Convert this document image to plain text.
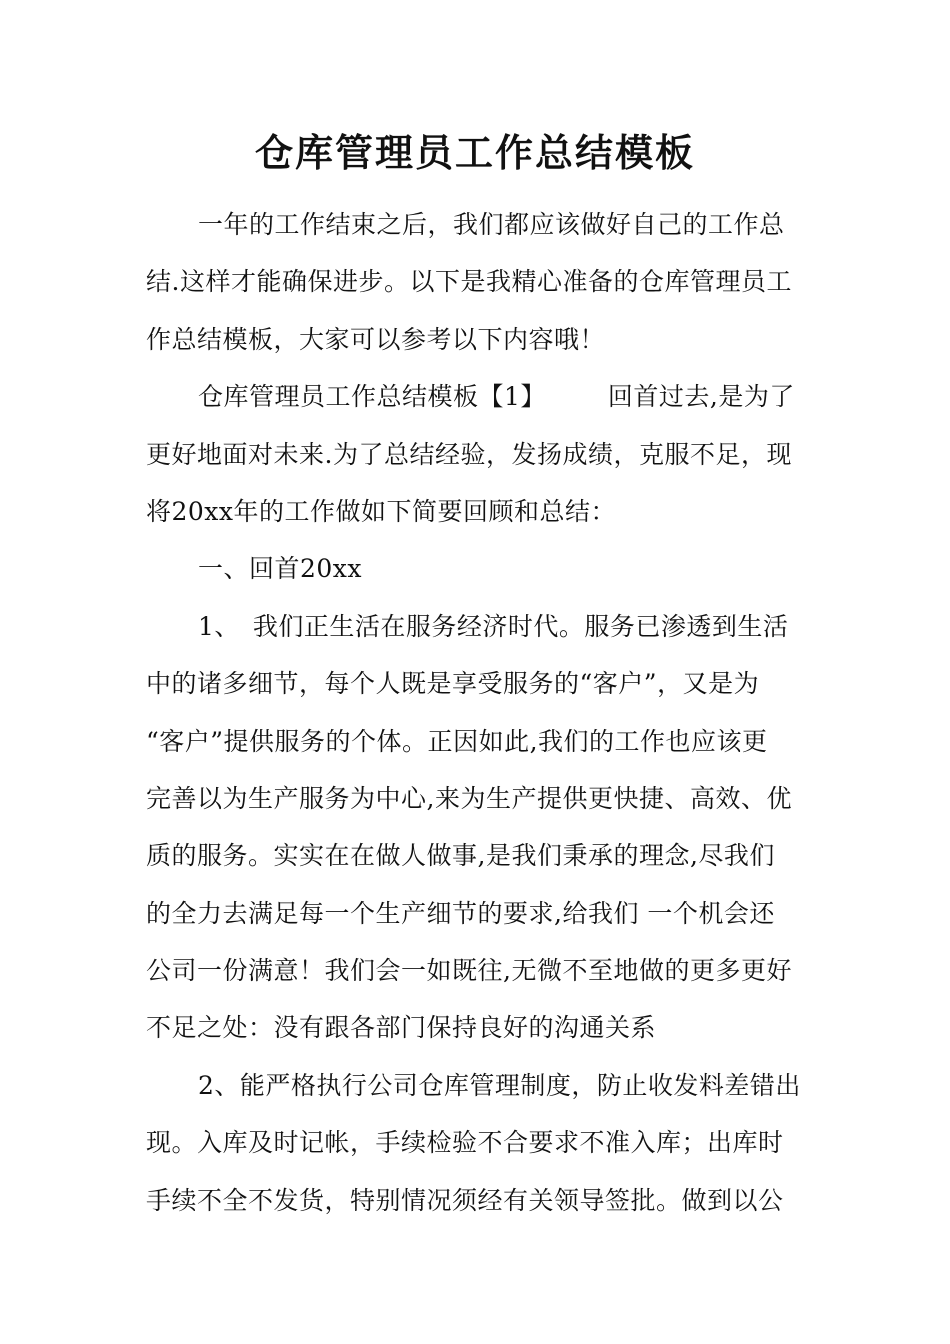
仓库管理员工作总结模板
一年的工作结束之后，我们都应该做好自己的工作总
结.这样才能确保进步。以下是我精心准备的仓库管理员工
作总结模板，大家可以参考以下内容哦！
仓库管理员工作总结模板【1】 回首过去,是为了
更好地面对未来.为了总结经验，发扬成绩，克服不足，现
将20xx年的工作做如下简要回顾和总结：
一、回首20xx
1、　我们正生活在服务经济时代。服务已渗透到生活
中的诸多细节，每个人既是享受服务的“客户”，又是为
“客户”提供服务的个体。正因如此,我们的工作也应该更
完善以为生产服务为中心,来为生产提供更快捷、高效、优
质的服务。实实在在做人做事,是我们秉承的理念,尽我们
的全力去满足每一个生产细节的要求,给我们 一个机会还
公司一份满意！我们会一如既往,无微不至地做的更多更好
不足之处：没有跟各部门保持良好的沟通关系
2、能严格执行公司仓库管理制度，防止收发料差错出
现。入库及时记帐，手续检验不合要求不准入库；出库时
手续不全不发货，特别情况须经有关领导签批。做到以公
